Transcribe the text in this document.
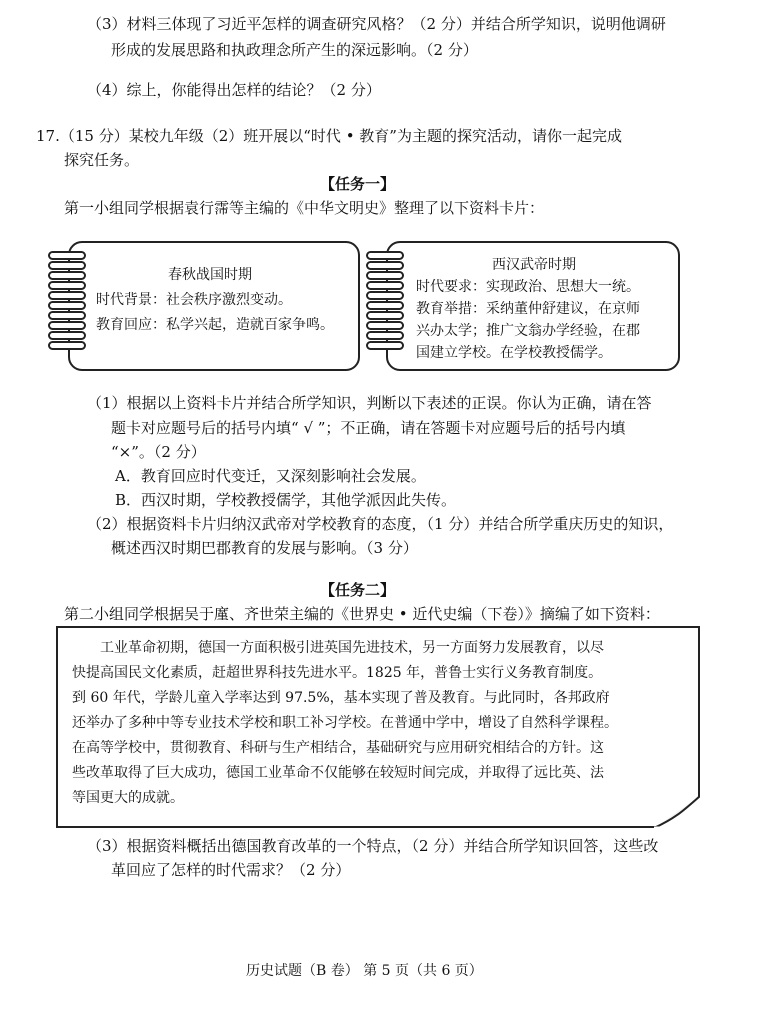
（3）材料三体现了习近平怎样的调查研究风格？（2 分）并结合所学知识，说明他调研
形成的发展思路和执政理念所产生的深远影响。（2 分）
（4）综上，你能得出怎样的结论？（2 分）
17.（15 分）某校九年级（2）班开展以“时代 • 教育”为主题的探究活动，请你一起完成
探究任务。
【任务一】
第一小组同学根据袁行霈等主编的《中华文明史》整理了以下资料卡片：
春秋战国时期
时代背景：社会秩序激烈变动。
教育回应：私学兴起，造就百家争鸣。
西汉武帝时期
时代要求：实现政治、思想大一统。
教育举措：采纳董仲舒建议，在京师
兴办太学；推广文翁办学经验，在郡
国建立学校。在学校教授儒学。
（1）根据以上资料卡片并结合所学知识，判断以下表述的正误。你认为正确，请在答
题卡对应题号后的括号内填“ √ ”；不正确，请在答题卡对应题号后的括号内填
“×”。（2 分）
A．教育回应时代变迁，又深刻影响社会发展。
B．西汉时期，学校教授儒学，其他学派因此失传。
（2）根据资料卡片归纳汉武帝对学校教育的态度，（1 分）并结合所学重庆历史的知识，
概述西汉时期巴郡教育的发展与影响。（3 分）
【任务二】
第二小组同学根据吴于廑、齐世荣主编的《世界史 • 近代史编（下卷）》摘编了如下资料：
工业革命初期，德国一方面积极引进英国先进技术，另一方面努力发展教育，以尽
快提高国民文化素质，赶超世界科技先进水平。1825 年，普鲁士实行义务教育制度。
到 60 年代，学龄儿童入学率达到 97.5%，基本实现了普及教育。与此同时，各邦政府
还举办了多种中等专业技术学校和职工补习学校。在普通中学中，增设了自然科学课程。
在高等学校中，贯彻教育、科研与生产相结合，基础研究与应用研究相结合的方针。这
些改革取得了巨大成功，德国工业革命不仅能够在较短时间完成，并取得了远比英、法
等国更大的成就。
（3）根据资料概括出德国教育改革的一个特点，（2 分）并结合所学知识回答，这些改
革回应了怎样的时代需求？（2 分）
历史试题（B 卷） 第 5 页（共 6 页）
